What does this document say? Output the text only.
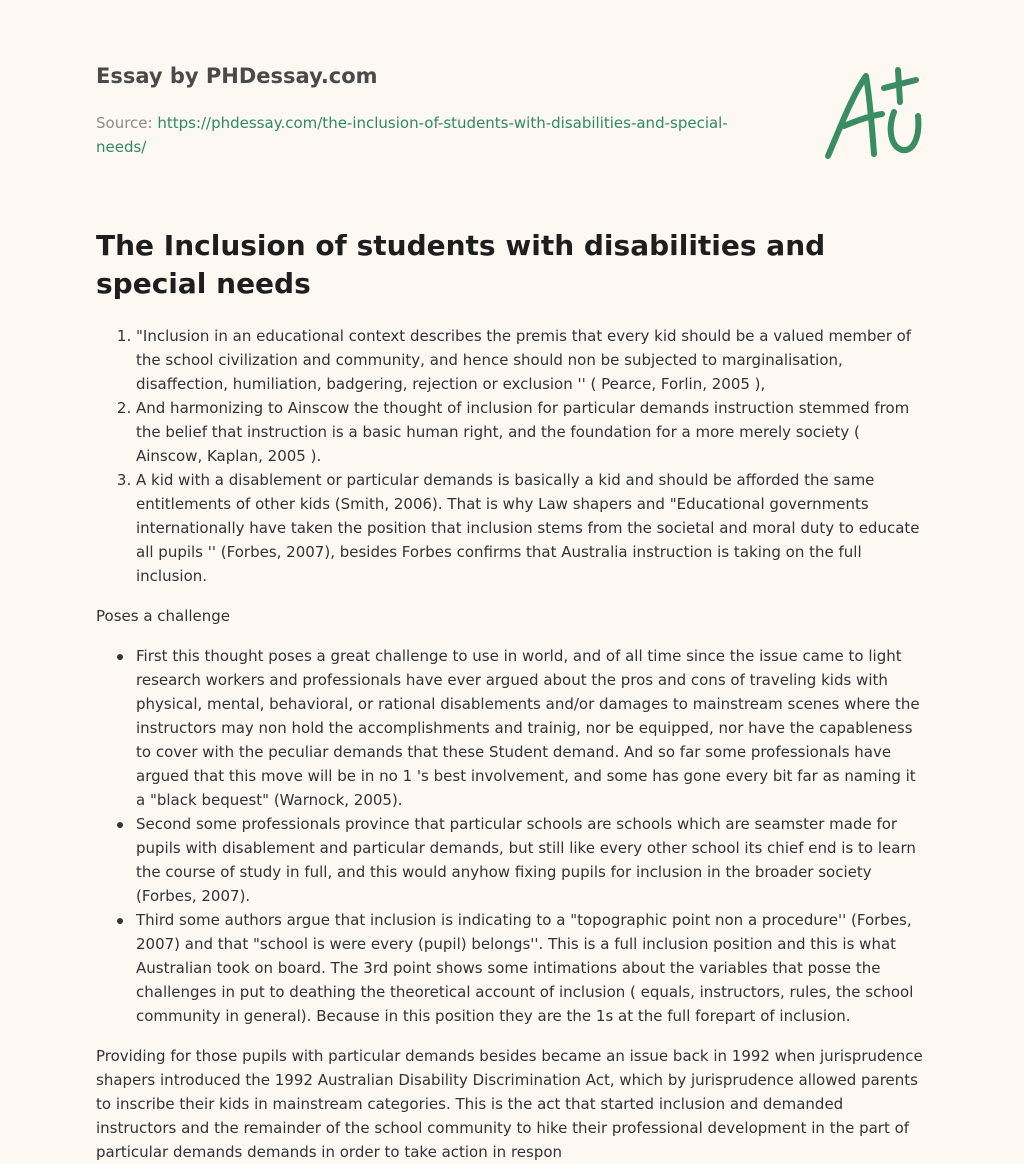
Essay by PHDessay.com
Source: https://phdessay.com/the-inclusion-of-students-with-disabilities-and-special-needs/
The Inclusion of students with disabilities and special needs
1. "Inclusion in an educational context describes the premis that every kid should be a valued member of the school civilization and community, and hence should non be subjected to marginalisation, disaffection, humiliation, badgering, rejection or exclusion '' ( Pearce, Forlin, 2005 ),
2. And harmonizing to Ainscow the thought of inclusion for particular demands instruction stemmed from the belief that instruction is a basic human right, and the foundation for a more merely society ( Ainscow, Kaplan, 2005 ).
3. A kid with a disablement or particular demands is basically a kid and should be afforded the same entitlements of other kids (Smith, 2006). That is why Law shapers and "Educational governments internationally have taken the position that inclusion stems from the societal and moral duty to educate all pupils '' (Forbes, 2007), besides Forbes confirms that Australia instruction is taking on the full inclusion.

Poses a challenge

First this thought poses a great challenge to use in world, and of all time since the issue came to light research workers and professionals have ever argued about the pros and cons of traveling kids with physical, mental, behavioral, or rational disablements and/or damages to mainstream scenes where the instructors may non hold the accomplishments and trainig, nor be equipped, nor have the capableness to cover with the peculiar demands that these Student demand. And so far some professionals have argued that this move will be in no 1 's best involvement, and some has gone every bit far as naming it a "black bequest" (Warnock, 2005).
Second some professionals province that particular schools are schools which are seamster made for pupils with disablement and particular demands, but still like every other school its chief end is to learn the course of study in full, and this would anyhow fixing pupils for inclusion in the broader society (Forbes, 2007).
Third some authors argue that inclusion is indicating to a "topographic point non a procedure'' (Forbes, 2007) and that "school is were every (pupil) belongs''. This is a full inclusion position and this is what Australian took on board. The 3rd point shows some intimations about the variables that posse the challenges in put to deathing the theoretical account of inclusion ( equals, instructors, rules, the school community in general). Because in this position they are the 1s at the full forepart of inclusion.

Providing for those pupils with particular demands besides became an issue back in 1992 when jurisprudence shapers introduced the 1992 Australian Disability Discrimination Act, which by jurisprudence allowed parents to inscribe their kids in mainstream categories. This is the act that started inclusion and demanded instructors and the remainder of the school community to hike their professional development in the part of particular demands demands in order to take action in respon
